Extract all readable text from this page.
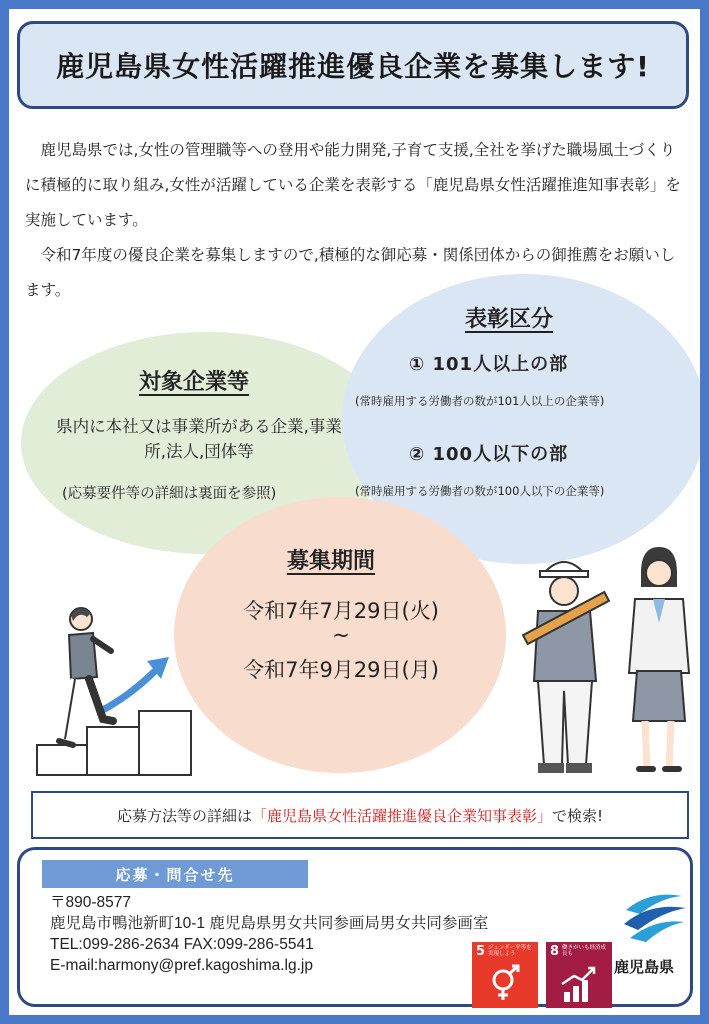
鹿児島県女性活躍推進優良企業を募集します!

鹿児島県では,女性の管理職等への登用や能力開発,子育て支援,全社を挙げた職場風土づくりに積極的に取り組み,女性が活躍している企業を表彰する「鹿児島県女性活躍推進知事表彰」を実施しています。

令和7年度の優良企業を募集しますので,積極的な御応募・関係団体からの御推薦をお願いします。

対象企業等
県内に本社又は事業所がある企業,事業所,法人,団体等
(応募要件等の詳細は裏面を参照)
表彰区分
① 101人以上の部
(常時雇用する労働者の数が101人以上の企業等)
② 100人以下の部
(常時雇用する労働者の数が100人以下の企業等)
募集期間
令和7年7月29日(火)
~
令和7年9月29日(月)
応募方法等の詳細は 「鹿児島県女性活躍推進優良企業知事表彰」 で検索!
応募・問合せ先
〒890-8577
鹿児島市鴨池新町10-1 鹿児島県男女共同参画局男女共同参画室
TEL:099-286-2634 FAX:099-286-5541
E-mail:harmony@pref.kagoshima.lg.jp
5 ジェンダー平等を実現しよう	8 働きがいも経済成長も
鹿児島県
